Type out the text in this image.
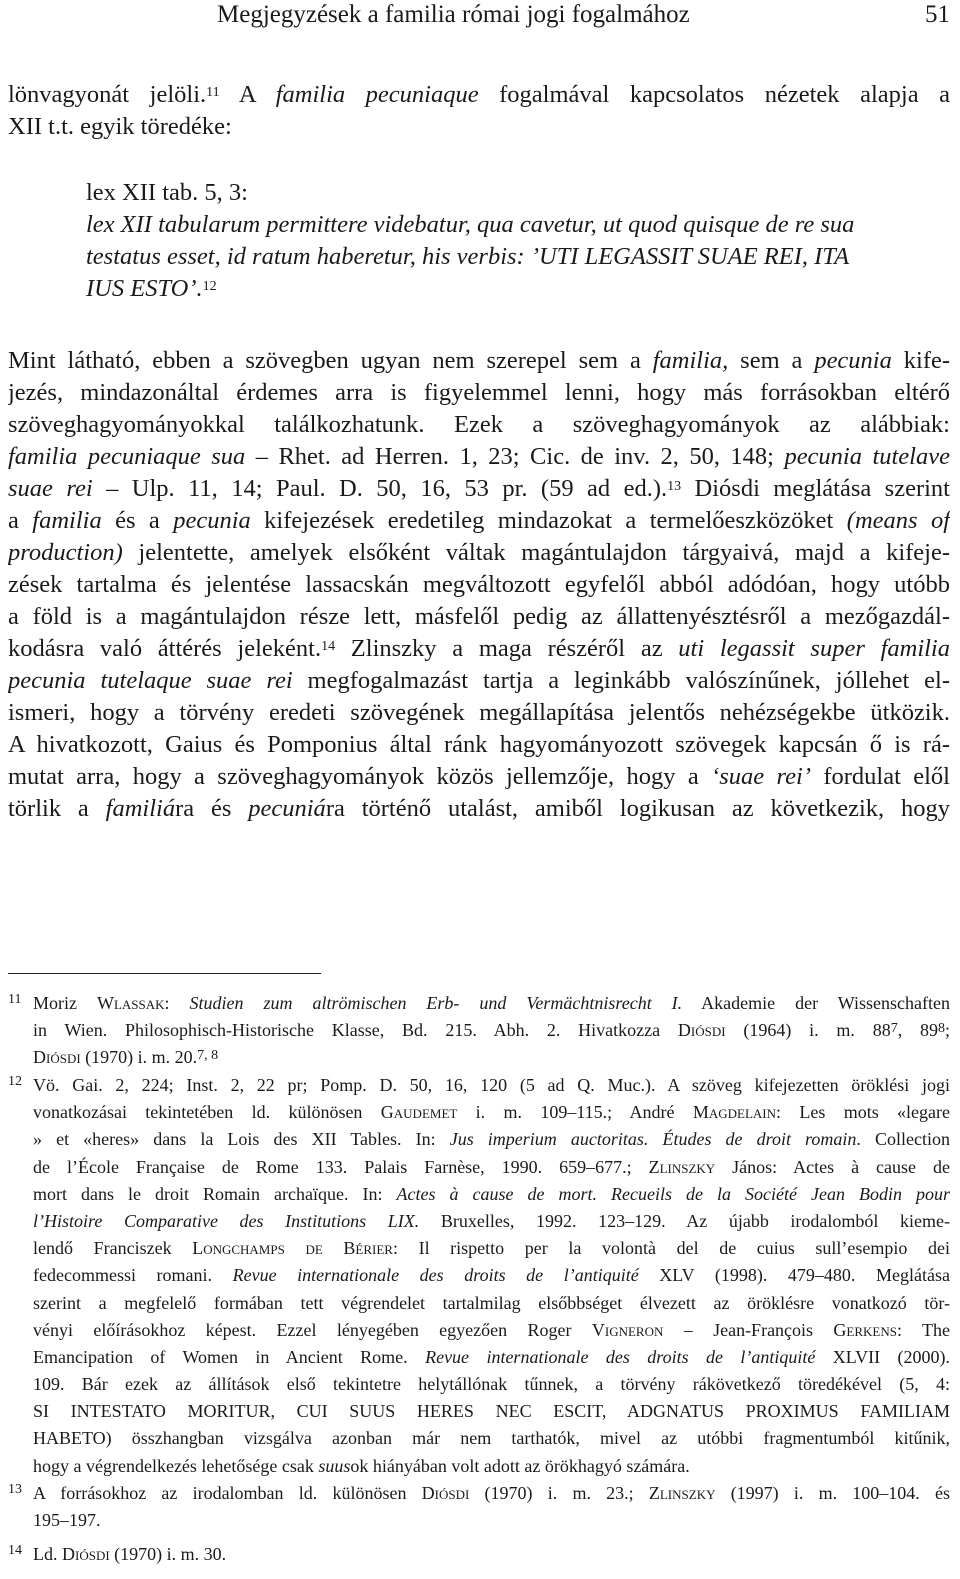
Megjegyzések a familia római jogi fogalmához	51
lönvagyonát jelöli.$^{11}$ A familia pecuniaque fogalmával kapcsolatos nézetek alapja a
XII t.t. egyik töredéke:
lex XII tab. 5, 3:
lex XII tabularum permittere videbatur, qua cavetur, ut quod quisque de re sua
testatus esset, id ratum haberetur, his verbis: ’UTI LEGASSIT SUAE REI, ITA
IUS ESTO’.$^{12}$
Mint látható, ebben a szövegben ugyan nem szerepel sem a familia, sem a pecunia kife-
jezés, mindazonáltal érdemes arra is figyelemmel lenni, hogy más forrásokban eltérő
szöveghagyományokkal találkozhatunk. Ezek a szöveghagyományok az alábbiak:
familia pecuniaque sua – Rhet. ad Herren. 1, 23; Cic. de inv. 2, 50, 148; pecunia tutelave
suae rei – Ulp. 11, 14; Paul. D. 50, 16, 53 pr. (59 ad ed.).$^{13}$ Diósdi meglátása szerint
a familia és a pecunia kifejezések eredetileg mindazokat a termelőeszközöket (means of
production) jelentette, amelyek elsőként váltak magántulajdon tárgyaivá, majd a kifeje-
zések tartalma és jelentése lassacskán megváltozott egyfelől abból adódóan, hogy utóbb
a föld is a magántulajdon része lett, másfelől pedig az állattenyésztésről a mezőgazdál-
kodásra való áttérés jeleként.$^{14}$ Zlinszky a maga részéről az uti legassit super familia
pecunia tutelaque suae rei megfogalmazást tartja a leginkább valószínűnek, jóllehet el-
ismeri, hogy a törvény eredeti szövegének megállapítása jelentős nehézségekbe ütközik.
A hivatkozott, Gaius és Pomponius által ránk hagyományozott szövegek kapcsán ő is rá-
mutat arra, hogy a szöveghagyományok közös jellemzője, hogy a ‘suae rei’ fordulat elől
törlik a familiára és pecuniára történő utalást, amiből logikusan az következik, hogy
11 Moriz Wlassak: Studien zum altrömischen Erb- und Vermächtnisrecht I. Akademie der Wissenschaften
in Wien. Philosophisch-Historische Klasse, Bd. 215. Abh. 2. Hivatkozza Diósdi (1964) i. m. $88^7$, $89^8$;
Diósdi (1970) i. m. 20.$^{7, 8}$
12 Vö. Gai. 2, 224; Inst. 2, 22 pr; Pomp. D. 50, 16, 120 (5 ad Q. Muc.). A szöveg kifejezetten öröklési jogi
vonatkozásai tekintetében ld. különösen Gaudemet i. m. 109–115.; André Magdelain: Les mots «legare
» et «heres» dans la Lois des XII Tables. In: Jus imperium auctoritas. Études de droit romain. Collection
de l’École Française de Rome 133. Palais Farnèse, 1990. 659–677.; Zlinszky János: Actes à cause de
mort dans le droit Romain archaïque. In: Actes à cause de mort. Recueils de la Société Jean Bodin pour
l’Histoire Comparative des Institutions LIX. Bruxelles, 1992. 123–129. Az újabb irodalomból kieme-
lendő Franciszek Longchamps de Bérier: Il rispetto per la volontà del de cuius sull’esempio dei
fedecommessi romani. Revue internationale des droits de l’antiquité XLV (1998). 479–480. Meglátása
szerint a megfelelő formában tett végrendelet tartalmilag elsőbbséget élvezett az öröklésre vonatkozó tör-
vényi előírásokhoz képest. Ezzel lényegében egyezően Roger Vigneron – Jean-François Gerkens: The
Emancipation of Women in Ancient Rome. Revue internationale des droits de l’antiquité XLVII (2000).
109. Bár ezek az állítások első tekintetre helytállónak tűnnek, a törvény rákövetkező töredékével (5, 4:
SI INTESTATO MORITUR, CUI SUUS HERES NEC ESCIT, ADGNATUS PROXIMUS FAMILIAM
HABETO) összhangban vizsgálva azonban már nem tarthatók, mivel az utóbbi fragmentumból kitűnik,
hogy a végrendelkezés lehetősége csak suusok hiányában volt adott az örökhagyó számára.
13 A forrásokhoz az irodalomban ld. különösen Diósdi (1970) i. m. 23.; Zlinszky (1997) i. m. 100–104. és
195–197.
14 Ld. Diósdi (1970) i. m. 30.
